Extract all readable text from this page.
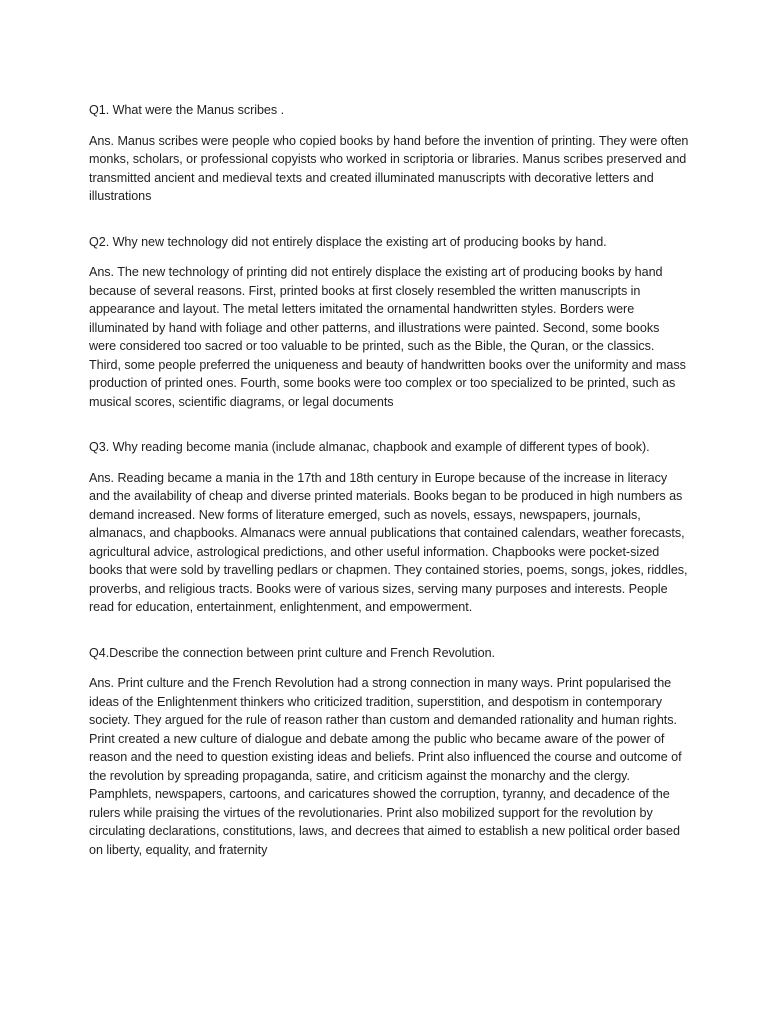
Q1. What were the Manus scribes .

Ans. Manus scribes were people who copied books by hand before the invention of printing. They were often monks, scholars, or professional copyists who worked in scriptoria or libraries. Manus scribes preserved and transmitted ancient and medieval texts and created illuminated manuscripts with decorative letters and illustrations

Q2. Why new technology did not entirely displace the existing art of producing books by hand.

Ans. The new technology of printing did not entirely displace the existing art of producing books by hand because of several reasons. First, printed books at first closely resembled the written manuscripts in appearance and layout. The metal letters imitated the ornamental handwritten styles. Borders were illuminated by hand with foliage and other patterns, and illustrations were painted. Second, some books were considered too sacred or too valuable to be printed, such as the Bible, the Quran, or the classics. Third, some people preferred the uniqueness and beauty of handwritten books over the uniformity and mass production of printed ones. Fourth, some books were too complex or too specialized to be printed, such as musical scores, scientific diagrams, or legal documents

Q3. Why reading become mania (include almanac, chapbook and example of different types of book).

Ans. Reading became a mania in the 17th and 18th century in Europe because of the increase in literacy and the availability of cheap and diverse printed materials. Books began to be produced in high numbers as demand increased. New forms of literature emerged, such as novels, essays, newspapers, journals, almanacs, and chapbooks. Almanacs were annual publications that contained calendars, weather forecasts, agricultural advice, astrological predictions, and other useful information. Chapbooks were pocket-sized books that were sold by travelling pedlars or chapmen. They contained stories, poems, songs, jokes, riddles, proverbs, and religious tracts. Books were of various sizes, serving many purposes and interests. People read for education, entertainment, enlightenment, and empowerment.

Q4.Describe the connection between print culture and French Revolution.

Ans. Print culture and the French Revolution had a strong connection in many ways. Print popularised the ideas of the Enlightenment thinkers who criticized tradition, superstition, and despotism in contemporary society. They argued for the rule of reason rather than custom and demanded rationality and human rights. Print created a new culture of dialogue and debate among the public who became aware of the power of reason and the need to question existing ideas and beliefs. Print also influenced the course and outcome of the revolution by spreading propaganda, satire, and criticism against the monarchy and the clergy. Pamphlets, newspapers, cartoons, and caricatures showed the corruption, tyranny, and decadence of the rulers while praising the virtues of the revolutionaries. Print also mobilized support for the revolution by circulating declarations, constitutions, laws, and decrees that aimed to establish a new political order based on liberty, equality, and fraternity
